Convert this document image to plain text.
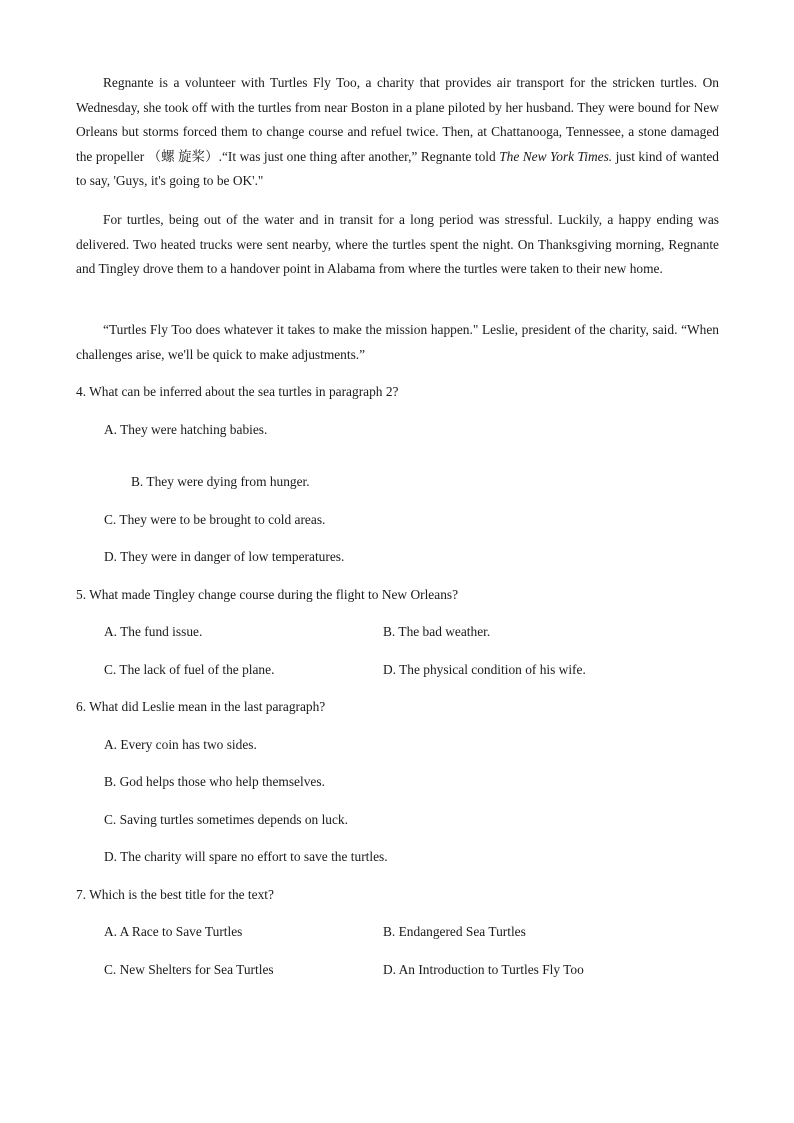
Regnante is a volunteer with Turtles Fly Too, a charity that provides air transport for the stricken turtles. On Wednesday, she took off with the turtles from near Boston in a plane piloted by her husband. They were bound for New Orleans but storms forced them to change course and refuel twice. Then, at Chattanooga, Tennessee, a stone damaged the propeller （螺 旋桨）.“It was just one thing after another,” Regnante told The New York Times. just kind of wanted to say, 'Guys, it's going to be OK'."

For turtles, being out of the water and in transit for a long period was stressful. Luckily, a happy ending was delivered. Two heated trucks were sent nearby, where the turtles spent the night. On Thanksgiving morning, Regnante and Tingley drove them to a handover point in Alabama from where the turtles were taken to their new home.

“Turtles Fly Too does whatever it takes to make the mission happen." Leslie, president of the charity, said. “When challenges arise, we'll be quick to make adjustments.”

4. What can be inferred about the sea turtles in paragraph 2?
A. They were hatching babies.
B. They were dying from hunger.
C. They were to be brought to cold areas.
D. They were in danger of low temperatures.
5. What made Tingley change course during the flight to New Orleans?
A. The fund issue.	B. The bad weather.
C. The lack of fuel of the plane.	D. The physical condition of his wife.
6. What did Leslie mean in the last paragraph?
A. Every coin has two sides.
B. God helps those who help themselves.
C. Saving turtles sometimes depends on luck.
D. The charity will spare no effort to save the turtles.
7. Which is the best title for the text?
A. A Race to Save Turtles	B. Endangered Sea Turtles
C. New Shelters for Sea Turtles	D. An Introduction to Turtles Fly Too
